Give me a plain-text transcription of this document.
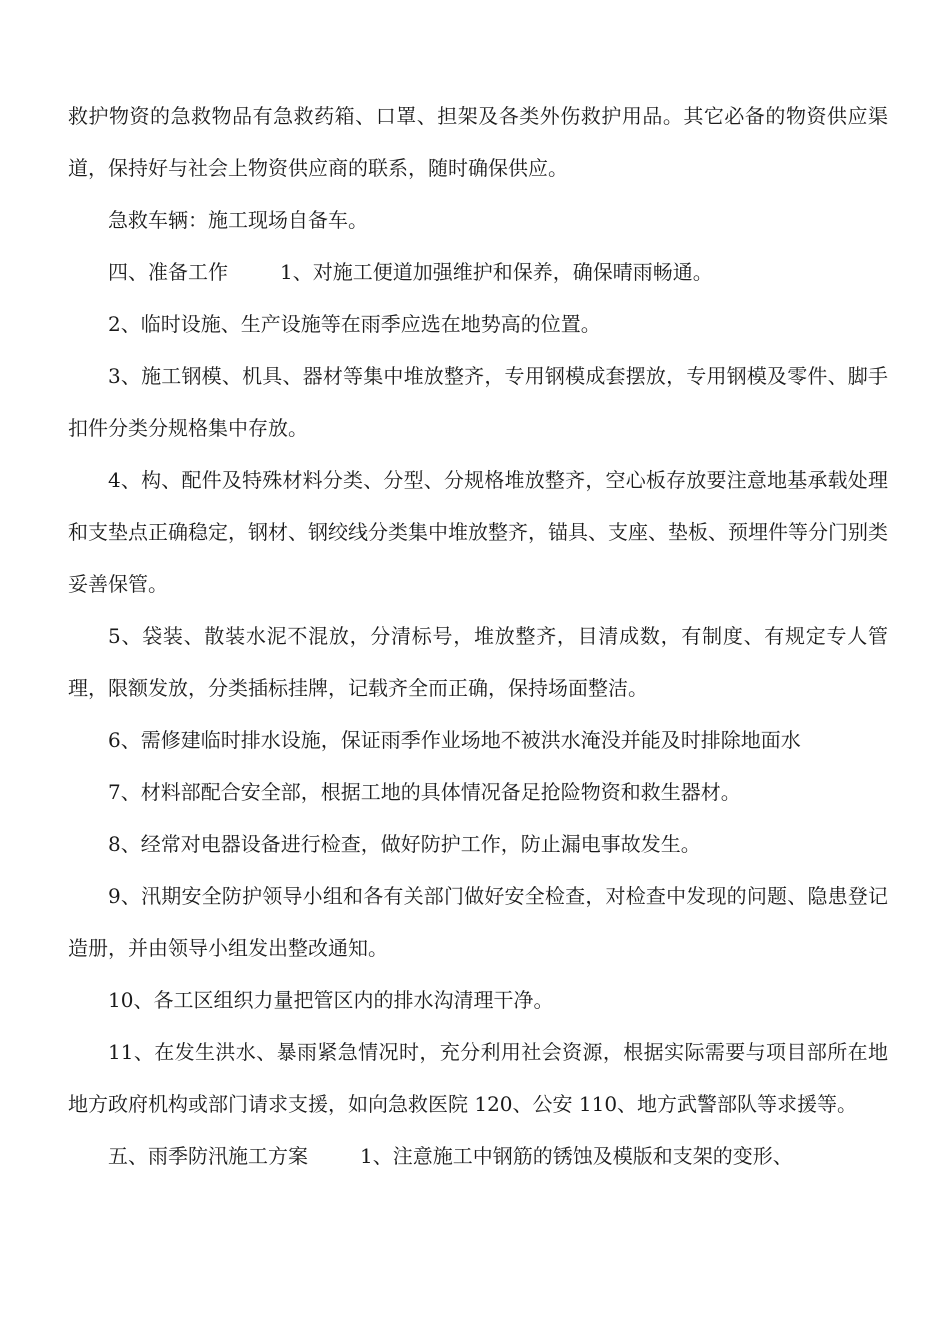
救护物资的急救物品有急救药箱、口罩、担架及各类外伤救护用品。其它必备的物资供应渠道，保持好与社会上物资供应商的联系，随时确保供应。

急救车辆：施工现场自备车。

四、准备工作	1、对施工便道加强维护和保养，确保晴雨畅通。

2、临时设施、生产设施等在雨季应选在地势高的位置。

3、施工钢模、机具、器材等集中堆放整齐，专用钢模成套摆放，专用钢模及零件、脚手扣件分类分规格集中存放。

4、构、配件及特殊材料分类、分型、分规格堆放整齐，空心板存放要注意地基承载处理和支垫点正确稳定，钢材、钢绞线分类集中堆放整齐，锚具、支座、垫板、预埋件等分门别类妥善保管。

5、袋装、散装水泥不混放，分清标号，堆放整齐，目清成数，有制度、有规定专人管理，限额发放，分类插标挂牌，记载齐全而正确，保持场面整洁。

6、需修建临时排水设施，保证雨季作业场地不被洪水淹没并能及时排除地面水

7、材料部配合安全部，根据工地的具体情况备足抢险物资和救生器材。

8、经常对电器设备进行检查，做好防护工作，防止漏电事故发生。

9、汛期安全防护领导小组和各有关部门做好安全检查，对检查中发现的问题、隐患登记造册，并由领导小组发出整改通知。

10、各工区组织力量把管区内的排水沟清理干净。

11、在发生洪水、暴雨紧急情况时，充分利用社会资源，根据实际需要与项目部所在地地方政府机构或部门请求支援，如向急救医院 120、公安 110、地方武警部队等求援等。

五、雨季防汛施工方案	1、注意施工中钢筋的锈蚀及模版和支架的变形、
